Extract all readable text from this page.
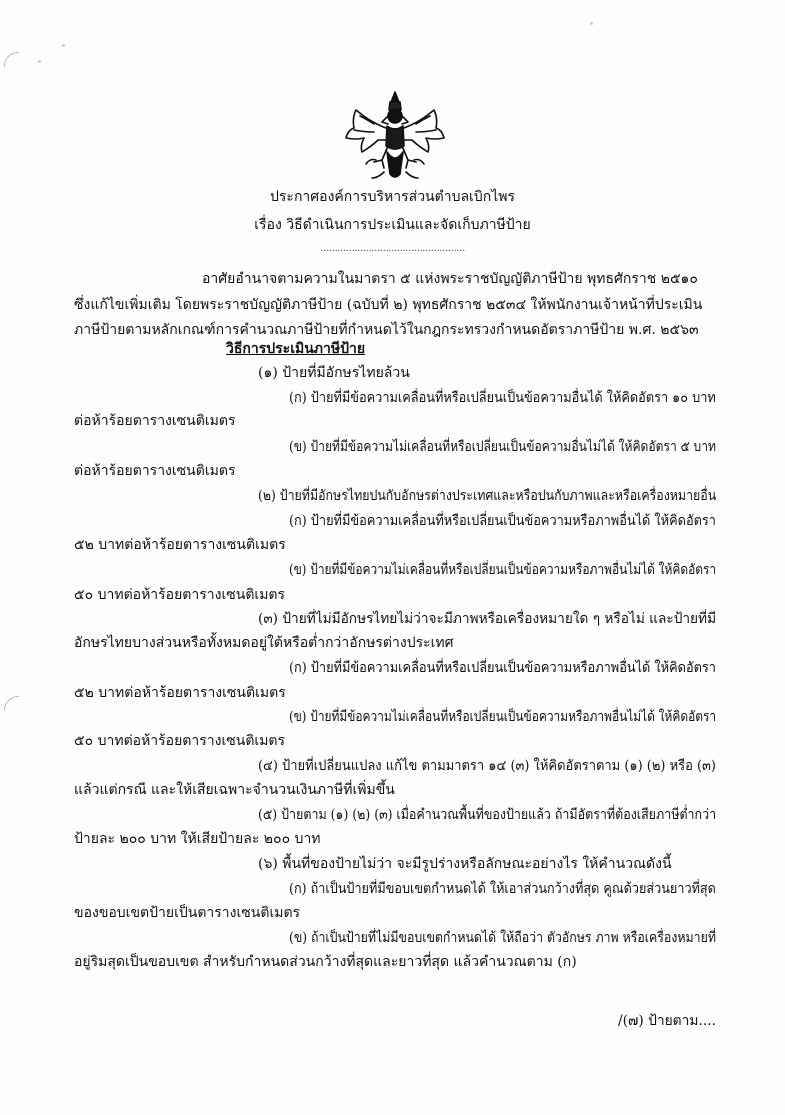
ประกาศองค์การบริหารส่วนตำบลเบิกไพร
เรื่อง วิธีดำเนินการประเมินและจัดเก็บภาษีป้าย
……………………………………………
อาศัยอำนาจตามความในมาตรา ๕ แห่งพระราชบัญญัติภาษีป้าย พุทธศักราช ๒๕๑๐
ซึ่งแก้ไขเพิ่มเติม โดยพระราชบัญญัติภาษีป้าย (ฉบับที่ ๒) พุทธศักราช ๒๕๓๔ ให้พนักงานเจ้าหน้าที่ประเมิน
ภาษีป้ายตามหลักเกณฑ์การคำนวณภาษีป้ายที่กำหนดไว้ในกฎกระทรวงกำหนดอัตราภาษีป้าย พ.ศ. ๒๕๖๓
วิธีการประเมินภาษีป้าย
(๑) ป้ายที่มีอักษรไทยล้วน
(ก) ป้ายที่มีข้อความเคลื่อนที่หรือเปลี่ยนเป็นข้อความอื่นได้ ให้คิดอัตรา ๑๐ บาท
ต่อห้าร้อยตารางเซนติเมตร
(ข) ป้ายที่มีข้อความไม่เคลื่อนที่หรือเปลี่ยนเป็นข้อความอื่นไม่ได้ ให้คิดอัตรา ๕ บาท
ต่อห้าร้อยตารางเซนติเมตร
(๒) ป้ายที่มีอักษรไทยปนกับอักษรต่างประเทศและหรือปนกับภาพและหรือเครื่องหมายอื่น
(ก) ป้ายที่มีข้อความเคลื่อนที่หรือเปลี่ยนเป็นข้อความหรือภาพอื่นได้ ให้คิดอัตรา
๕๒ บาทต่อห้าร้อยตารางเซนติเมตร
(ข) ป้ายที่มีข้อความไม่เคลื่อนที่หรือเปลี่ยนเป็นข้อความหรือภาพอื่นไม่ได้ ให้คิดอัตรา
๕๐ บาทต่อห้าร้อยตารางเซนติเมตร
(๓) ป้ายที่ไม่มีอักษรไทยไม่ว่าจะมีภาพหรือเครื่องหมายใด ๆ หรือไม่ และป้ายที่มี
อักษรไทยบางส่วนหรือทั้งหมดอยู่ใต้หรือต่ำกว่าอักษรต่างประเทศ
(ก) ป้ายที่มีข้อความเคลื่อนที่หรือเปลี่ยนเป็นข้อความหรือภาพอื่นได้ ให้คิดอัตรา
๕๒ บาทต่อห้าร้อยตารางเซนติเมตร
(ข) ป้ายที่มีข้อความไม่เคลื่อนที่หรือเปลี่ยนเป็นข้อความหรือภาพอื่นไม่ได้ ให้คิดอัตรา
๕๐ บาทต่อห้าร้อยตารางเซนติเมตร
(๔) ป้ายที่เปลี่ยนแปลง แก้ไข ตามมาตรา ๑๔ (๓) ให้คิดอัตราตาม (๑) (๒) หรือ (๓)
แล้วแต่กรณี และให้เสียเฉพาะจำนวนเงินภาษีที่เพิ่มขึ้น
(๕) ป้ายตาม (๑) (๒) (๓) เมื่อคำนวณพื้นที่ของป้ายแล้ว ถ้ามีอัตราที่ต้องเสียภาษีต่ำกว่า
ป้ายละ ๒๐๐ บาท ให้เสียป้ายละ ๒๐๐ บาท
(๖) พื้นที่ของป้ายไม่ว่า จะมีรูปร่างหรือลักษณะอย่างไร ให้คำนวณดังนี้
(ก) ถ้าเป็นป้ายที่มีขอบเขตกำหนดได้ ให้เอาส่วนกว้างที่สุด คูณด้วยส่วนยาวที่สุด
ของขอบเขตป้ายเป็นตารางเซนติเมตร
(ข) ถ้าเป็นป้ายที่ไม่มีขอบเขตกำหนดได้ ให้ถือว่า ตัวอักษร ภาพ หรือเครื่องหมายที่
อยู่ริมสุดเป็นขอบเขต สำหรับกำหนดส่วนกว้างที่สุดและยาวที่สุด แล้วคำนวณตาม (ก)
/(๗) ป้ายตาม....
